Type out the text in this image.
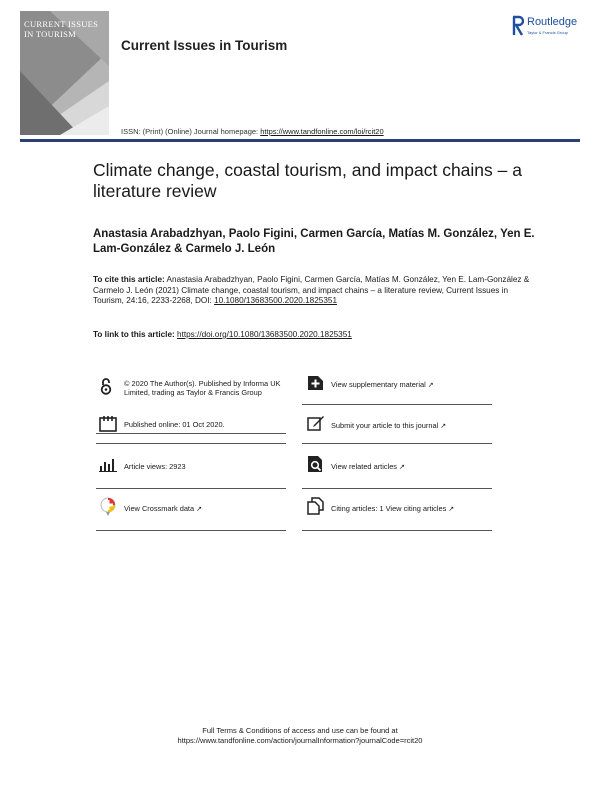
CURRENT ISSUES
IN TOURISM
Current Issues in Tourism
Routledge
Taylor & Francis Group
ISSN: (Print) (Online) Journal homepage: https://www.tandfonline.com/loi/rcit20
Climate change, coastal tourism, and impact chains – a literature review
Anastasia Arabadzhyan, Paolo Figini, Carmen García, Matías M. González, Yen E. Lam-González & Carmelo J. León
To cite this article: Anastasia Arabadzhyan, Paolo Figini, Carmen García, Matías M. González, Yen E. Lam-González & Carmelo J. León (2021) Climate change, coastal tourism, and impact chains – a literature review, Current Issues in Tourism, 24:16, 2233-2268, DOI: 10.1080/13683500.2020.1825351
To link to this article: https://doi.org/10.1080/13683500.2020.1825351
© 2020 The Author(s). Published by Informa UK Limited, trading as Taylor & Francis Group
Published online: 01 Oct 2020.
Article views: 2923
View Crossmark data ↗
View supplementary material ↗
Submit your article to this journal ↗
View related articles ↗
Citing articles: 1 View citing articles ↗
Full Terms & Conditions of access and use can be found at
https://www.tandfonline.com/action/journalInformation?journalCode=rcit20
